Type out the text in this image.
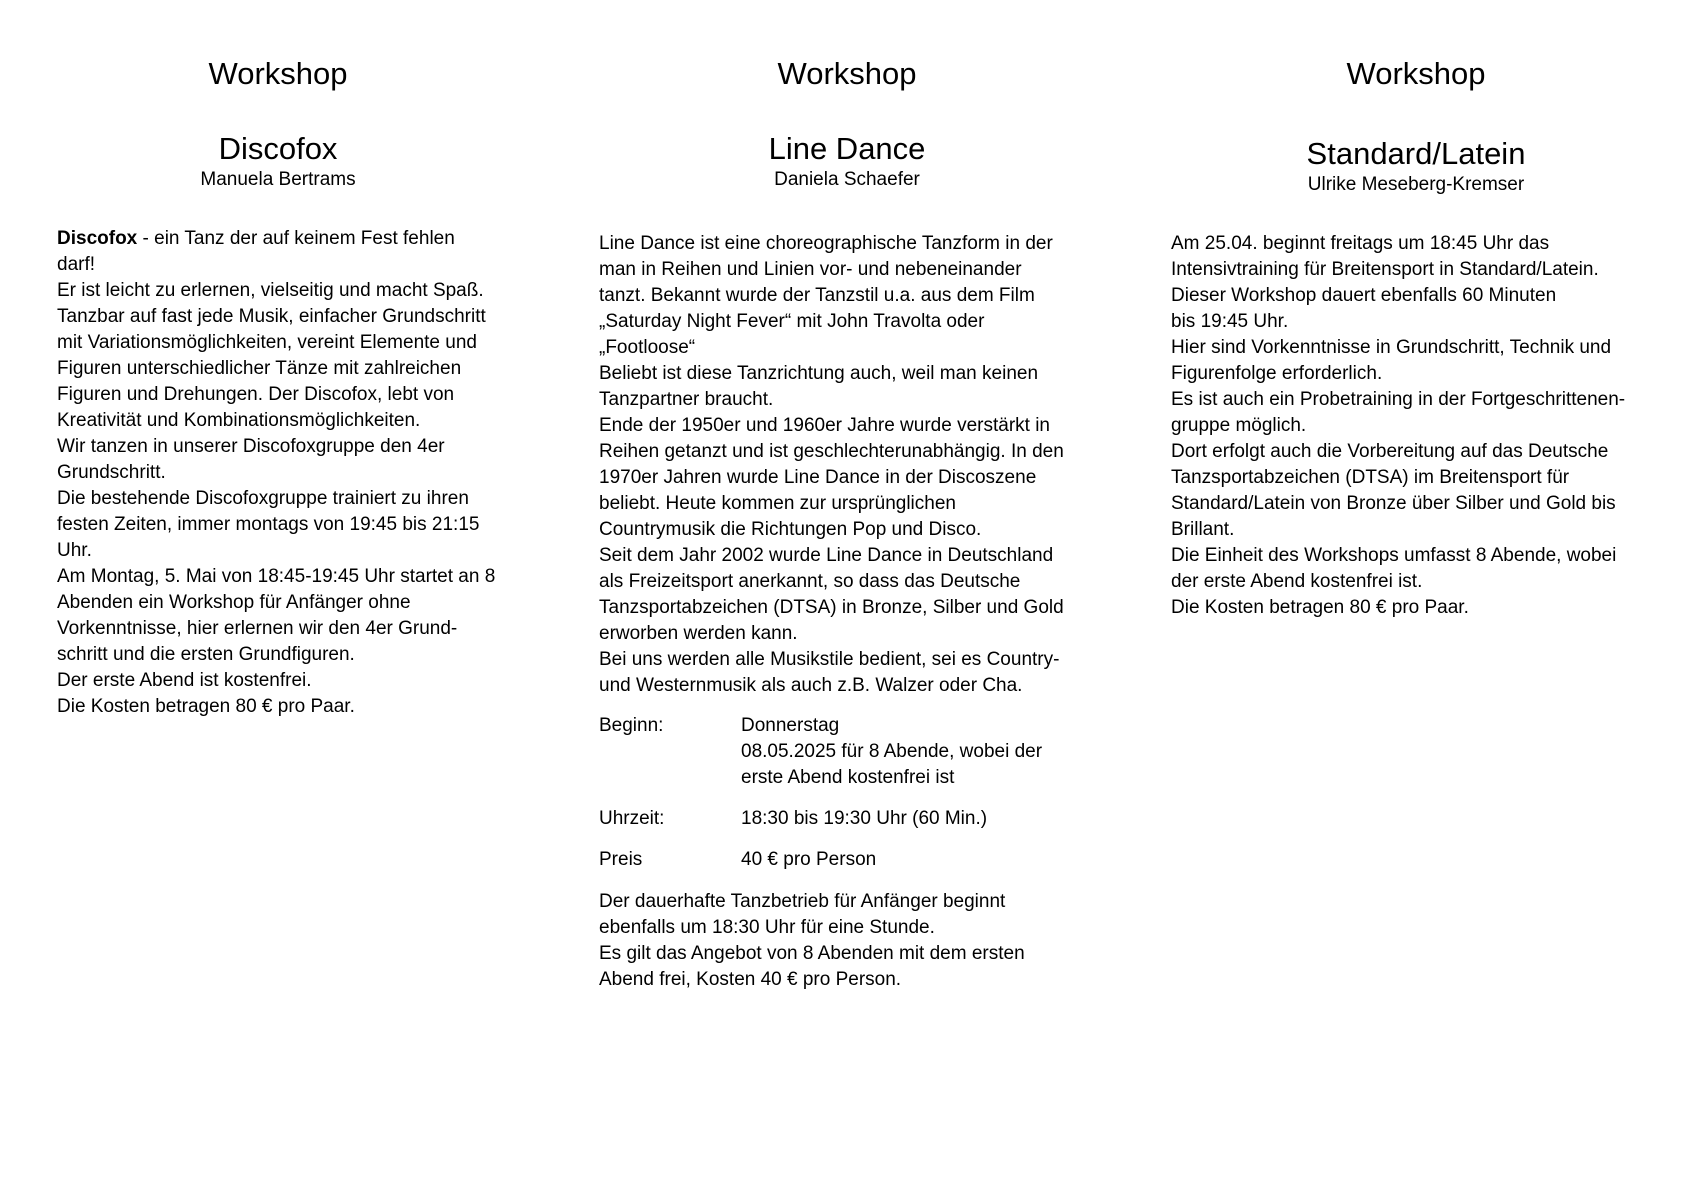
Workshop
Discofox
Manuela Bertrams

Discofox - ein Tanz der auf keinem Fest fehlen

darf!

Er ist leicht zu erlernen, vielseitig und macht Spaß.

Tanzbar auf fast jede Musik, einfacher Grundschritt

mit Variationsmöglichkeiten, vereint Elemente und

Figuren unterschiedlicher Tänze mit zahlreichen

Figuren und Drehungen. Der Discofox, lebt von

Kreativität und Kombinationsmöglichkeiten.

Wir tanzen in unserer Discofoxgruppe den 4er

Grundschritt.

Die bestehende Discofoxgruppe trainiert zu ihren

festen Zeiten, immer montags von 19:45 bis 21:15

Uhr.

Am Montag, 5. Mai von 18:45-19:45 Uhr startet an 8

Abenden ein Workshop für Anfänger ohne

Vorkenntnisse, hier erlernen wir den 4er Grund-

schritt und die ersten Grundfiguren.

Der erste Abend ist kostenfrei.

Die Kosten betragen 80 € pro Paar.

Workshop
Line Dance
Daniela Schaefer

Line Dance ist eine choreographische Tanzform in der

man in Reihen und Linien vor- und nebeneinander

tanzt. Bekannt wurde der Tanzstil u.a. aus dem Film

„Saturday Night Fever“ mit John Travolta oder

„Footloose“

Beliebt ist diese Tanzrichtung auch, weil man keinen

Tanzpartner braucht.

Ende der 1950er und 1960er Jahre wurde verstärkt in

Reihen getanzt und ist geschlechterunabhängig. In den

1970er Jahren wurde Line Dance in der Discoszene

beliebt. Heute kommen zur ursprünglichen

Countrymusik die Richtungen Pop und Disco.

Seit dem Jahr 2002 wurde Line Dance in Deutschland

als Freizeitsport anerkannt, so dass das Deutsche

Tanzsportabzeichen (DTSA) in Bronze, Silber und Gold

erworben werden kann.

Bei uns werden alle Musikstile bedient, sei es Country-

und Westernmusik als auch z.B. Walzer oder Cha.

Beginn:	Donnerstag

08.05.2025 für 8 Abende, wobei der

erste Abend kostenfrei ist

Uhrzeit:	18:30 bis 19:30 Uhr (60 Min.)

Preis	40 € pro Person

Der dauerhafte Tanzbetrieb für Anfänger beginnt

ebenfalls um 18:30 Uhr für eine Stunde.

Es gilt das Angebot von 8 Abenden mit dem ersten

Abend frei, Kosten 40 € pro Person.

Workshop
Standard/Latein
Ulrike Meseberg-Kremser

Am 25.04. beginnt freitags um 18:45 Uhr das

Intensivtraining für Breitensport in Standard/Latein.

Dieser Workshop dauert ebenfalls 60 Minuten

bis 19:45 Uhr.

Hier sind Vorkenntnisse in Grundschritt, Technik und

Figurenfolge erforderlich.

Es ist auch ein Probetraining in der Fortgeschrittenen-

gruppe möglich.

Dort erfolgt auch die Vorbereitung auf das Deutsche

Tanzsportabzeichen (DTSA) im Breitensport für

Standard/Latein von Bronze über Silber und Gold bis

Brillant.

Die Einheit des Workshops umfasst 8 Abende, wobei

der erste Abend kostenfrei ist.

Die Kosten betragen 80 € pro Paar.
